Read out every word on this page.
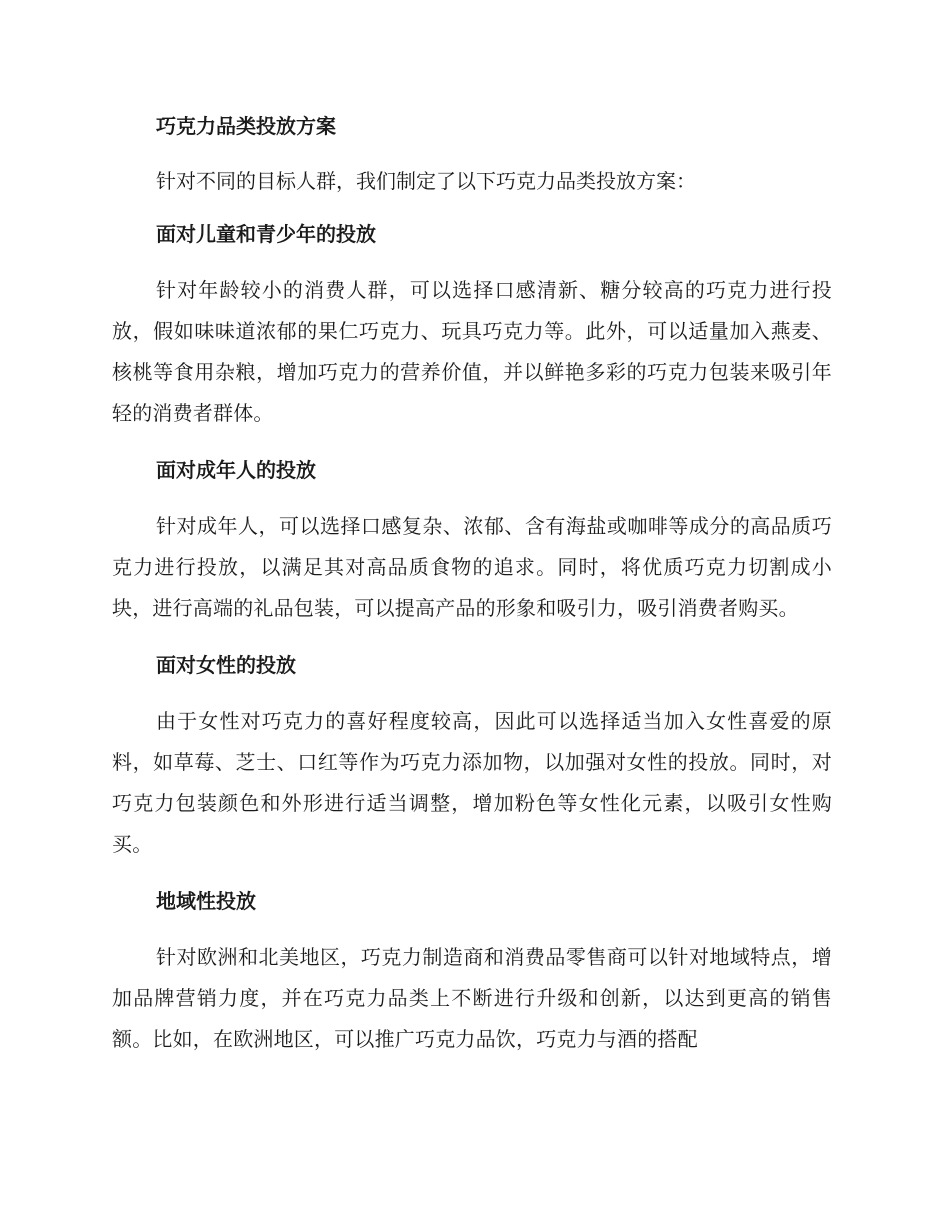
巧克力品类投放方案

针对不同的目标人群，我们制定了以下巧克力品类投放方案：

面对儿童和青少年的投放

针对年龄较小的消费人群，可以选择口感清新、糖分较高的巧克力进行投放，假如味味道浓郁的果仁巧克力、玩具巧克力等。此外，可以适量加入燕麦、核桃等食用杂粮，增加巧克力的营养价值，并以鲜艳多彩的巧克力包装来吸引年轻的消费者群体。

面对成年人的投放

针对成年人，可以选择口感复杂、浓郁、含有海盐或咖啡等成分的高品质巧克力进行投放，以满足其对高品质食物的追求。同时，将优质巧克力切割成小块，进行高端的礼品包装，可以提高产品的形象和吸引力，吸引消费者购买。

面对女性的投放

由于女性对巧克力的喜好程度较高，因此可以选择适当加入女性喜爱的原料，如草莓、芝士、口红等作为巧克力添加物，以加强对女性的投放。同时，对巧克力包装颜色和外形进行适当调整，增加粉色等女性化元素，以吸引女性购买。

地域性投放

针对欧洲和北美地区，巧克力制造商和消费品零售商可以针对地域特点，增加品牌营销力度，并在巧克力品类上不断进行升级和创新，以达到更高的销售额。比如，在欧洲地区，可以推广巧克力品饮，巧克力与酒的搭配
